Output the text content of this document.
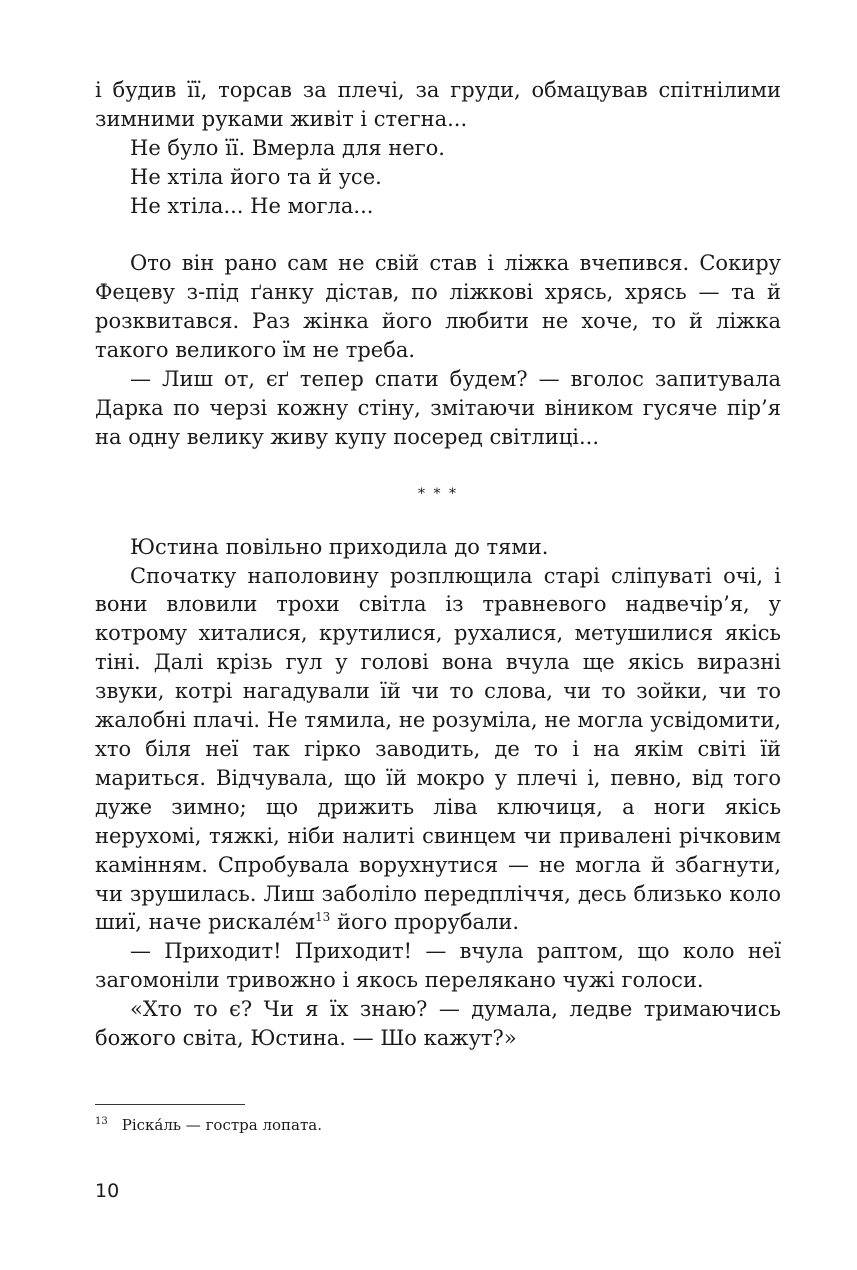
і будив її, торсав за плечі, за груди, обмацував спітнілими зимними руками живіт і стегна...

Не було її. Вмерла для него.

Не хтіла його та й усе.

Не хтіла... Не могла...

Ото він рано сам не свій став і ліжка вчепився. Сокиру Фецеву з-під ґанку дістав, по ліжкові хрясь, хрясь — та й розквитався. Раз жінка його любити не хоче, то й ліжка такого великого їм не треба.

— Лиш от, єґ тепер спати будем? — вголос запитувала Дарка по черзі кожну стіну, змітаючи віником гусяче пір’я на одну велику живу купу посеред світлиці...

* * *

Юстина повільно приходила до тями.

Спочатку наполовину розплющила старі сліпуваті очі, і вони вловили трохи світла із травневого надвечір’я, у котрому хиталися, крутилися, рухалися, метушилися якісь тіні. Далі крізь гул у голові вона вчула ще якісь виразні звуки, котрі нагадували їй чи то слова, чи то зойки, чи то жалобні плачі. Не тямила, не розуміла, не могла усвідомити, хто біля неї так гірко заводить, де то і на якім світі їй мариться. Відчувала, що їй мокро у плечі і, певно, від того дуже зимно; що дрижить ліва ключиця, а ноги якісь нерухомі, тяжкі, ніби налиті свинцем чи привалені річковим камінням. Спробувала ворухнутися — не могла й збагнути, чи зрушилась. Лиш заболіло передпліччя, десь близько коло шиї, наче рискалéм$^{13}$ його прорубали.

— Приходит! Приходит! — вчула раптом, що коло неї загомоніли тривожно і якось перелякано чужі голоси.

«Хто то є? Чи я їх знаю? — думала, ледве тримаючись божого світа, Юстина. — Шо кажут?»

$^{13}$ Ріска́ль — гостра лопата.
10
